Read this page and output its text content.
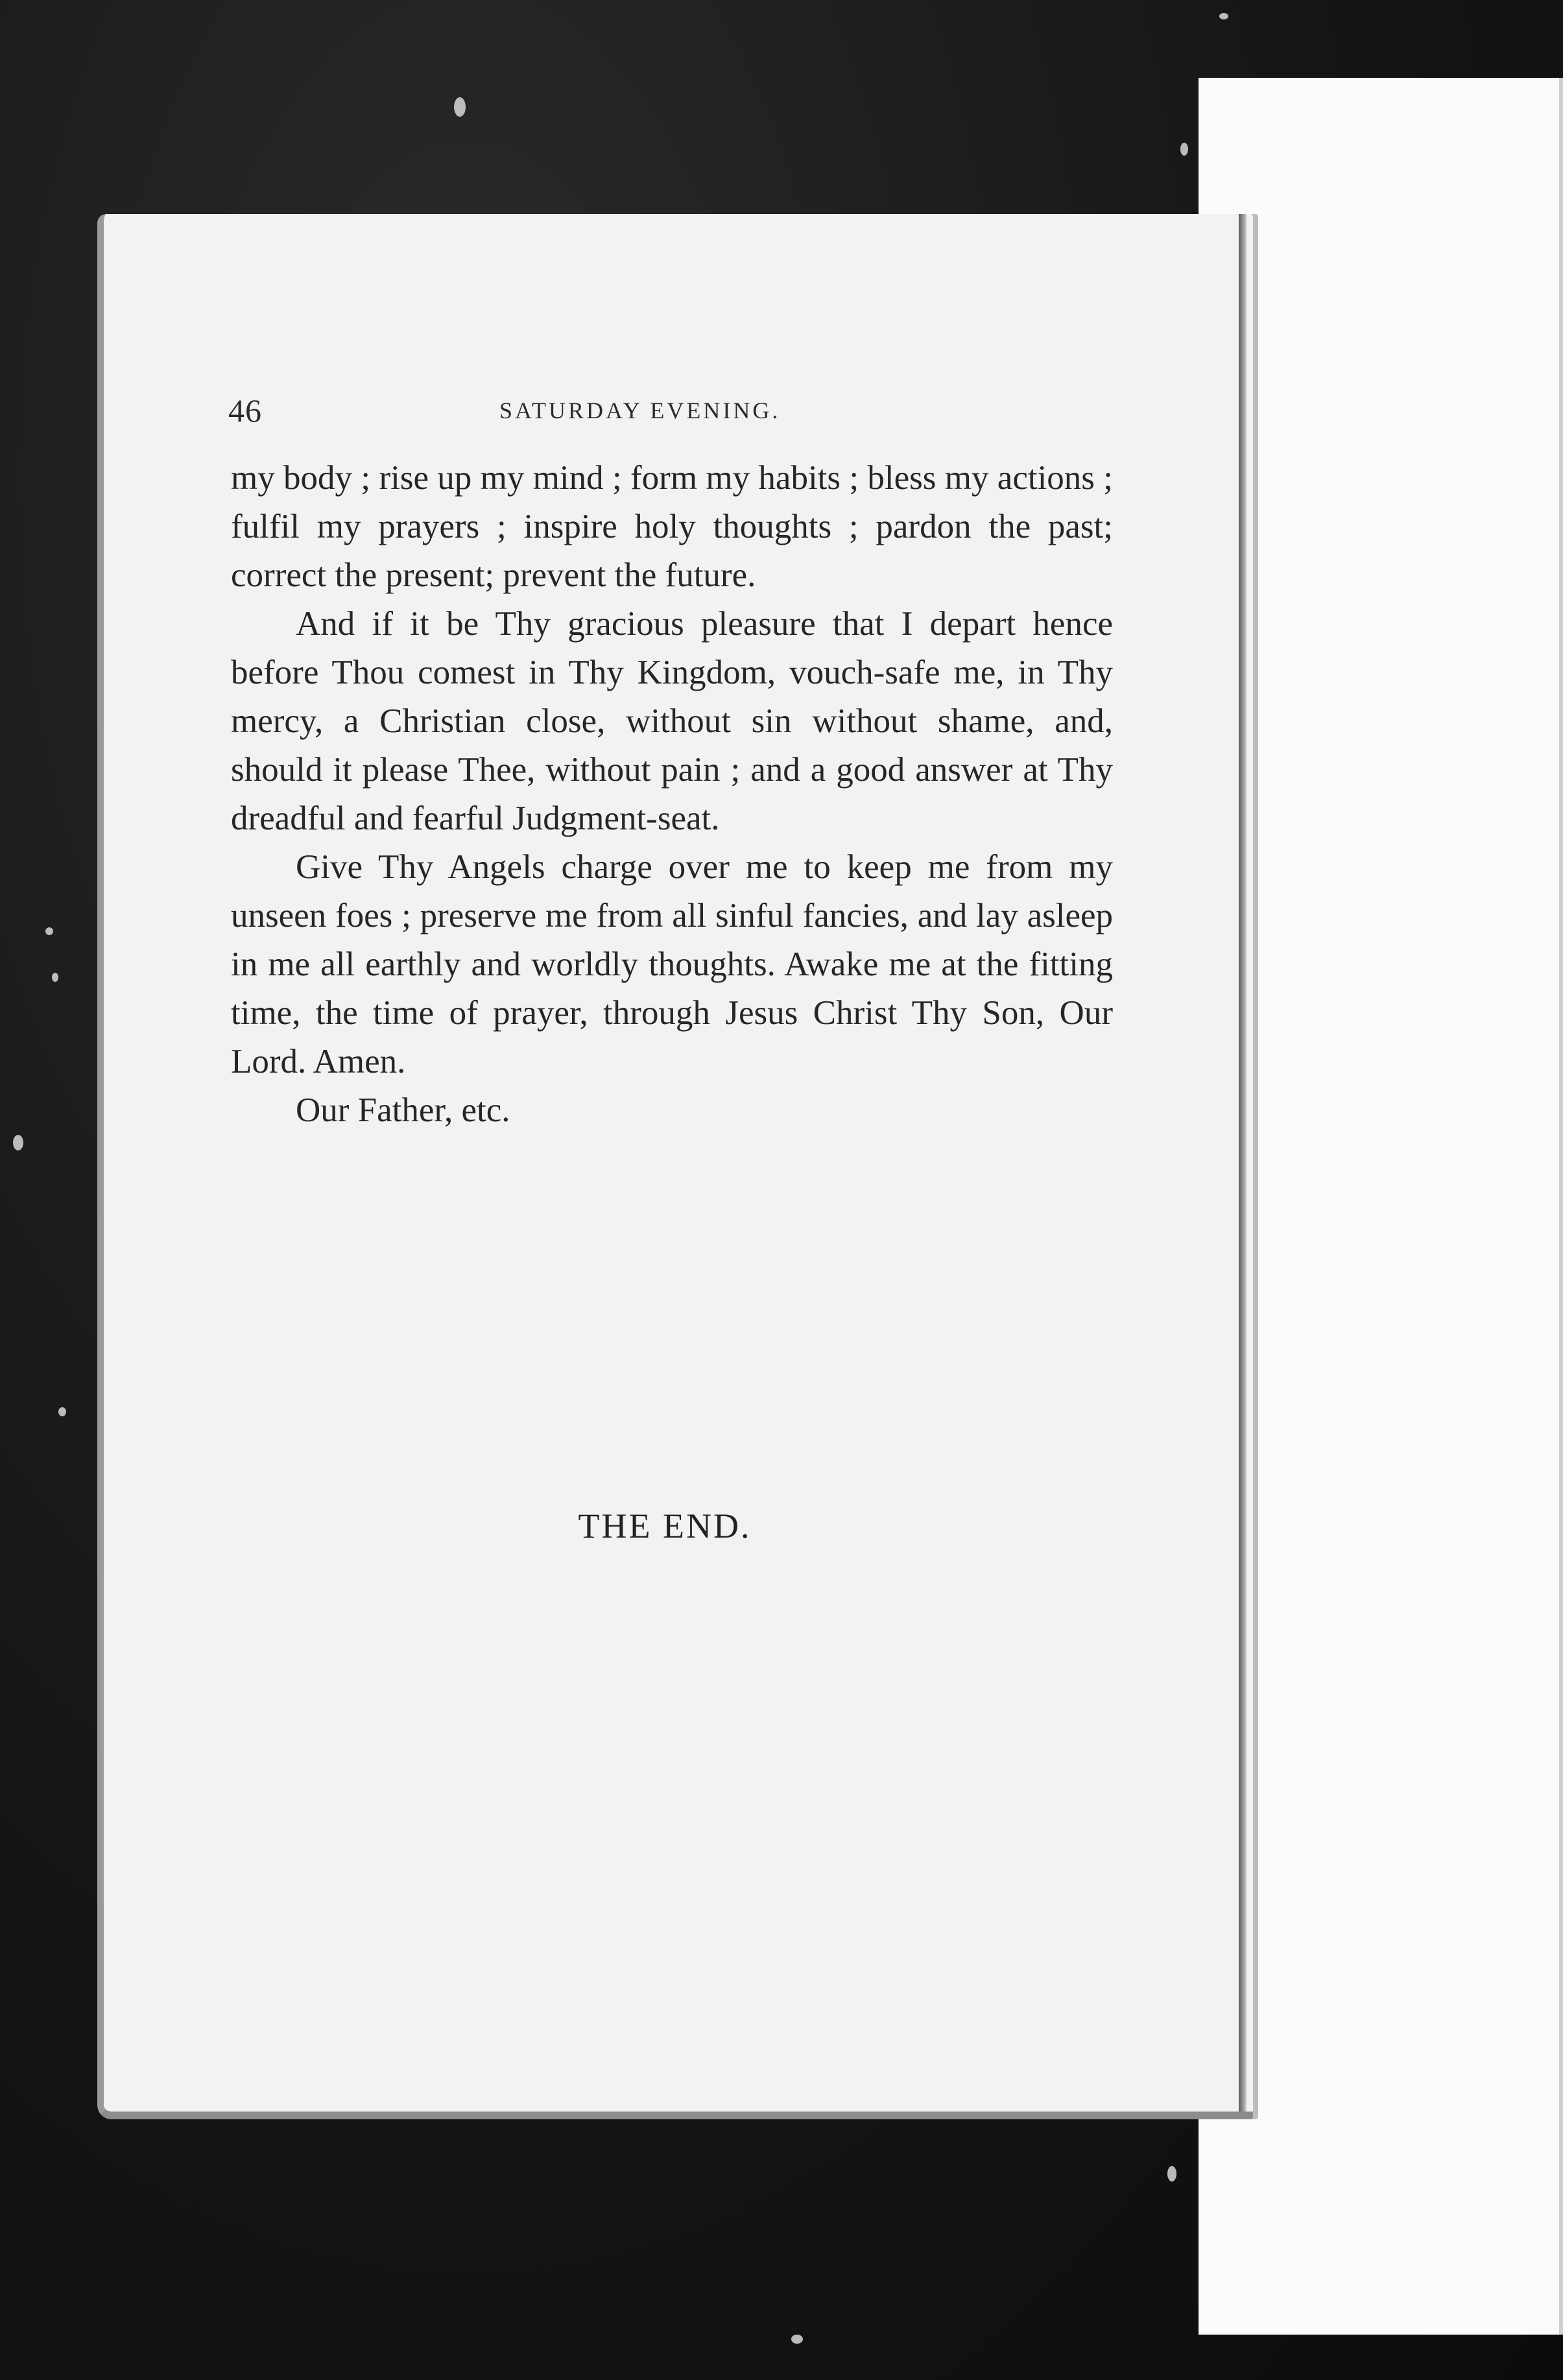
46	SATURDAY EVENING.

my body ; rise up my mind ; form my habits ; bless my actions ; fulfil my prayers ; inspire holy thoughts ; pardon the past; correct the present; prevent the future.

And if it be Thy gracious pleasure that I depart hence before Thou comest in Thy Kingdom, vouch-safe me, in Thy mercy, a Christian close, without sin without shame, and, should it please Thee, without pain ; and a good answer at Thy dreadful and fearful Judgment-seat.

Give Thy Angels charge over me to keep me from my unseen foes ; preserve me from all sinful fancies, and lay asleep in me all earthly and worldly thoughts. Awake me at the fitting time, the time of prayer, through Jesus Christ Thy Son, Our Lord. Amen.

Our Father, etc.

THE END.
